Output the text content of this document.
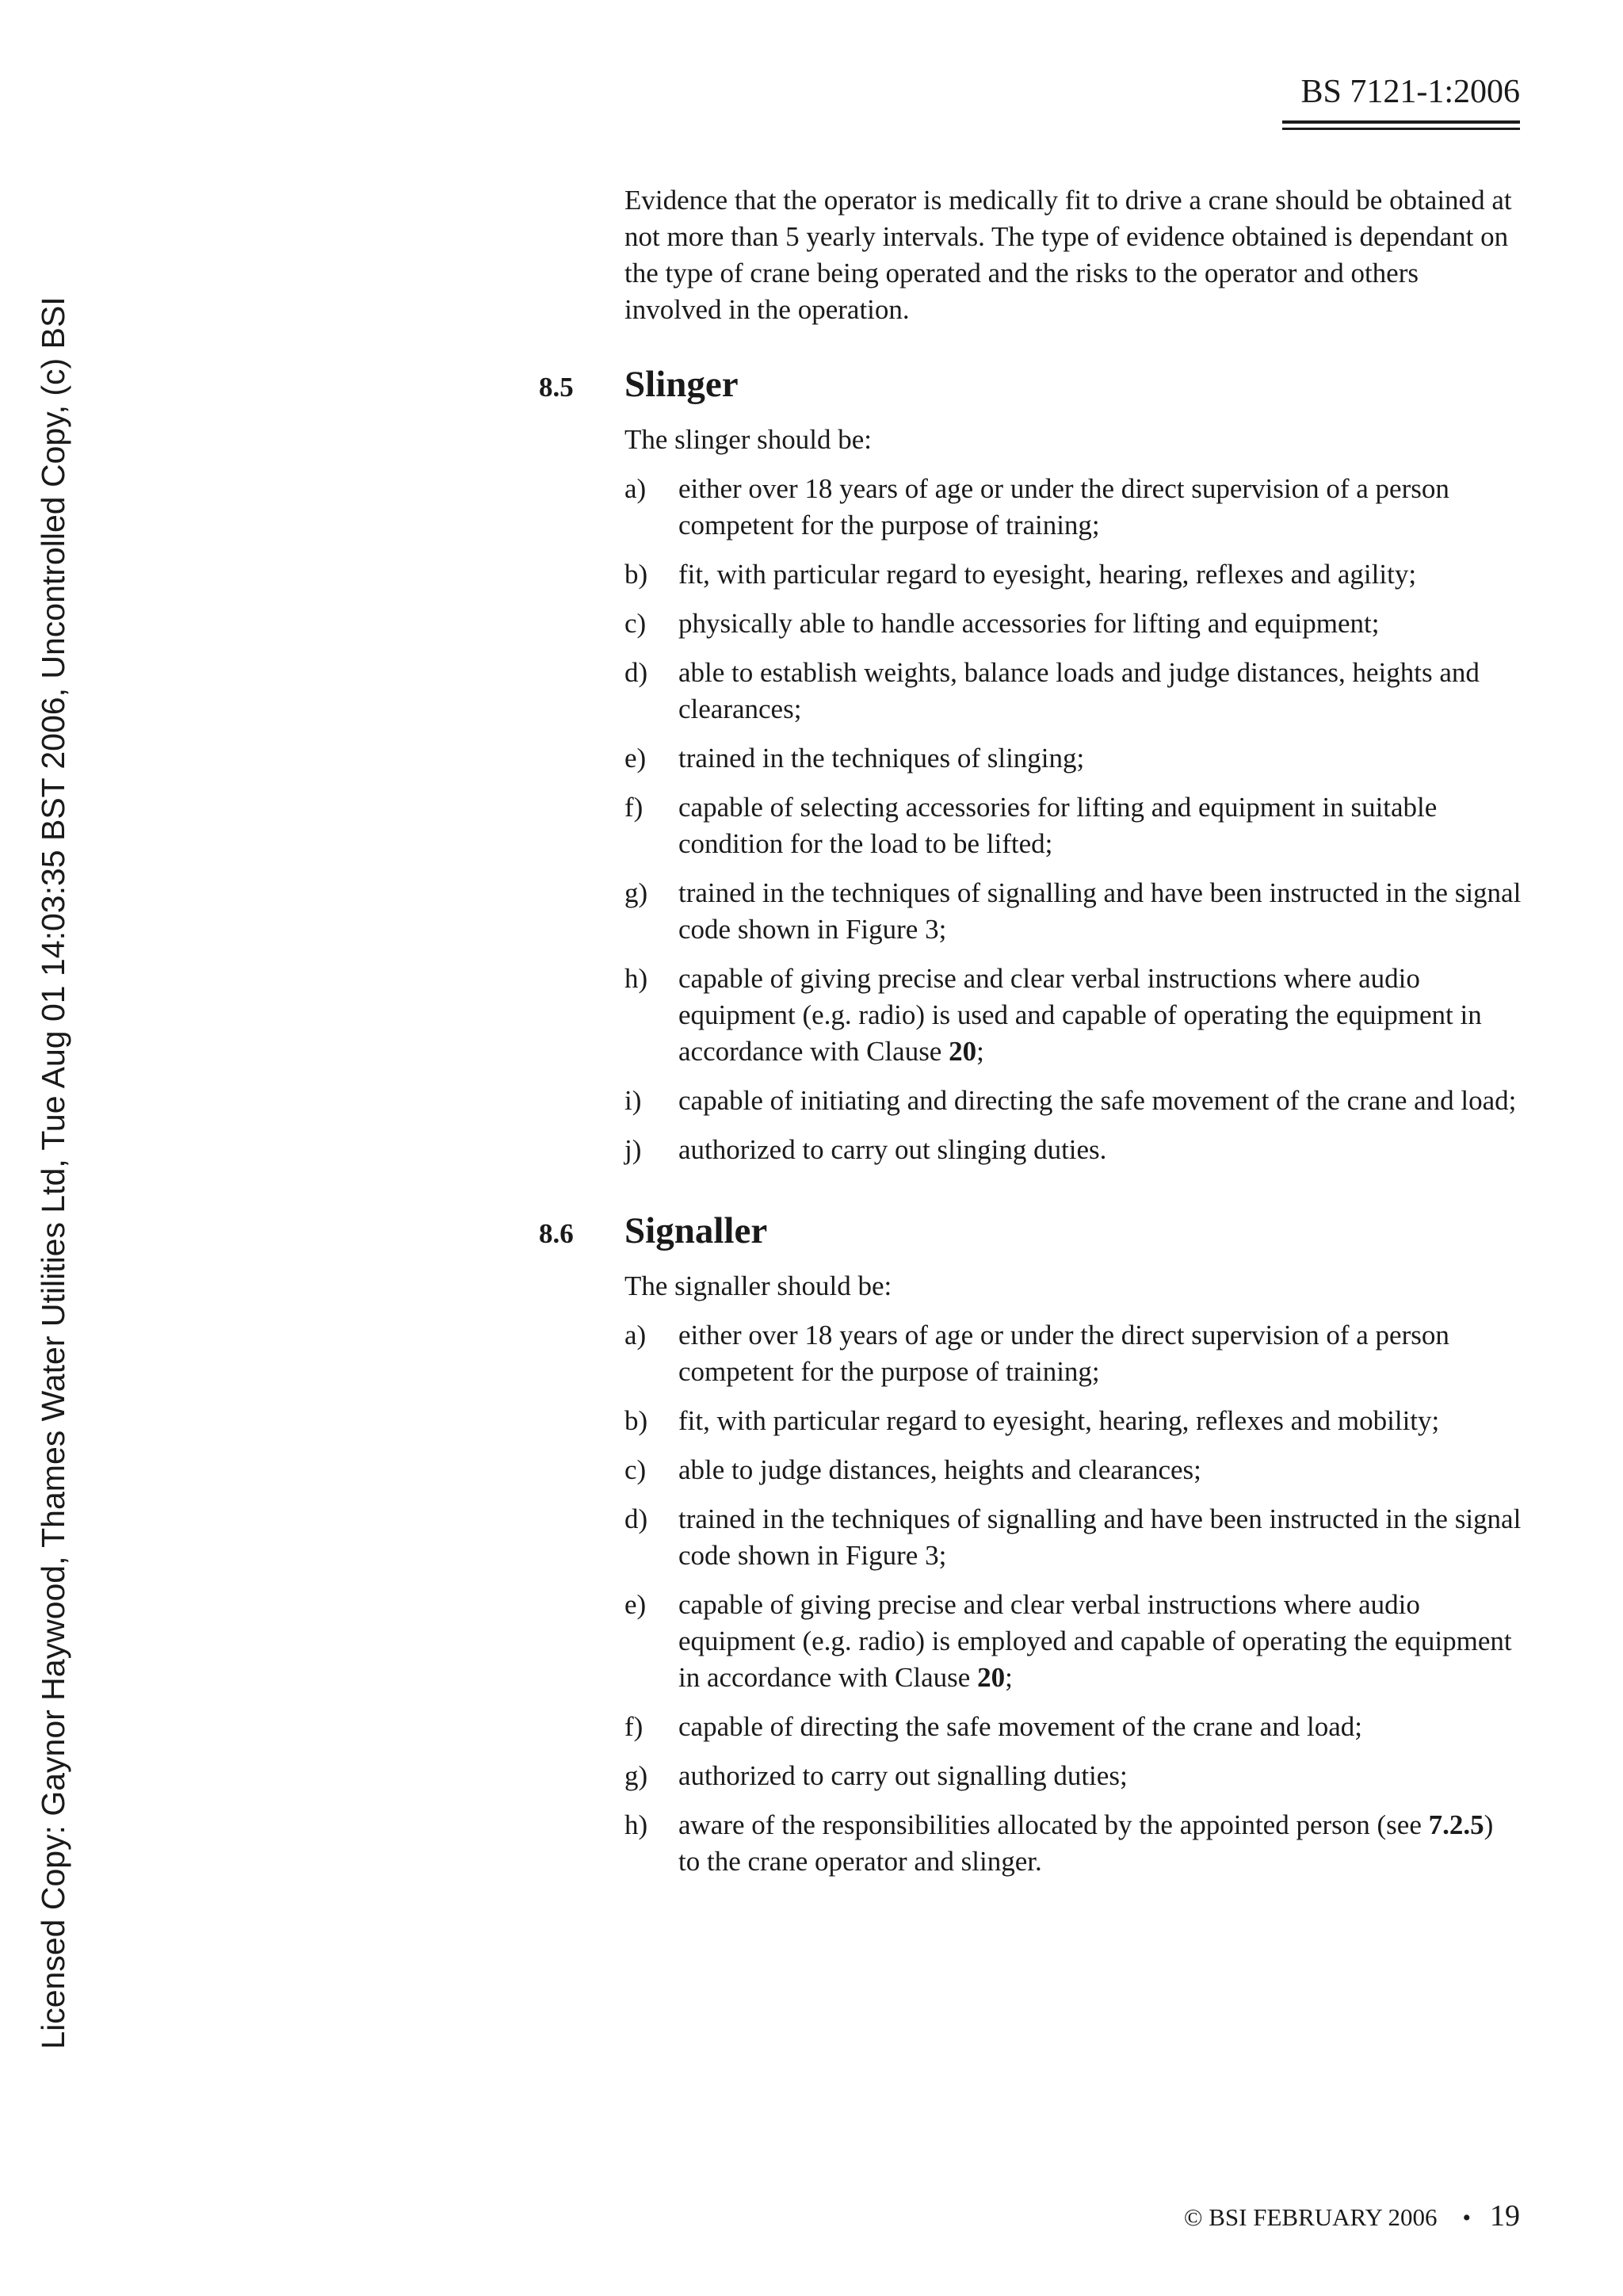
BS 7121-1:2006
Licensed Copy: Gaynor Haywood, Thames Water Utilities Ltd, Tue Aug 01 14:03:35 BST 2006, Uncontrolled Copy, (c) BSI

Evidence that the operator is medically fit to drive a crane should be obtained at not more than 5 yearly intervals. The type of evidence obtained is dependant on the type of crane being operated and the risks to the operator and others involved in the operation.

8.5	Slinger
The slinger should be:
a)	either over 18 years of age or under the direct supervision of a person competent for the purpose of training;
b)	fit, with particular regard to eyesight, hearing, reflexes and agility;
c)	physically able to handle accessories for lifting and equipment;
d)	able to establish weights, balance loads and judge distances, heights and clearances;
e)	trained in the techniques of slinging;
f)	capable of selecting accessories for lifting and equipment in suitable condition for the load to be lifted;
g)	trained in the techniques of signalling and have been instructed in the signal code shown in Figure 3;
h)	capable of giving precise and clear verbal instructions where audio equipment (e.g. radio) is used and capable of operating the equipment in accordance with Clause 20;
i)	capable of initiating and directing the safe movement of the crane and load;
j)	authorized to carry out slinging duties.
8.6	Signaller
The signaller should be:
a)	either over 18 years of age or under the direct supervision of a person competent for the purpose of training;
b)	fit, with particular regard to eyesight, hearing, reflexes and mobility;
c)	able to judge distances, heights and clearances;
d)	trained in the techniques of signalling and have been instructed in the signal code shown in Figure 3;
e)	capable of giving precise and clear verbal instructions where audio equipment (e.g. radio) is employed and capable of operating the equipment in accordance with Clause 20;
f)	capable of directing the safe movement of the crane and load;
g)	authorized to carry out signalling duties;
h)	aware of the responsibilities allocated by the appointed person (see 7.2.5) to the crane operator and slinger.
© BSI FEBRUARY 2006 • 19
